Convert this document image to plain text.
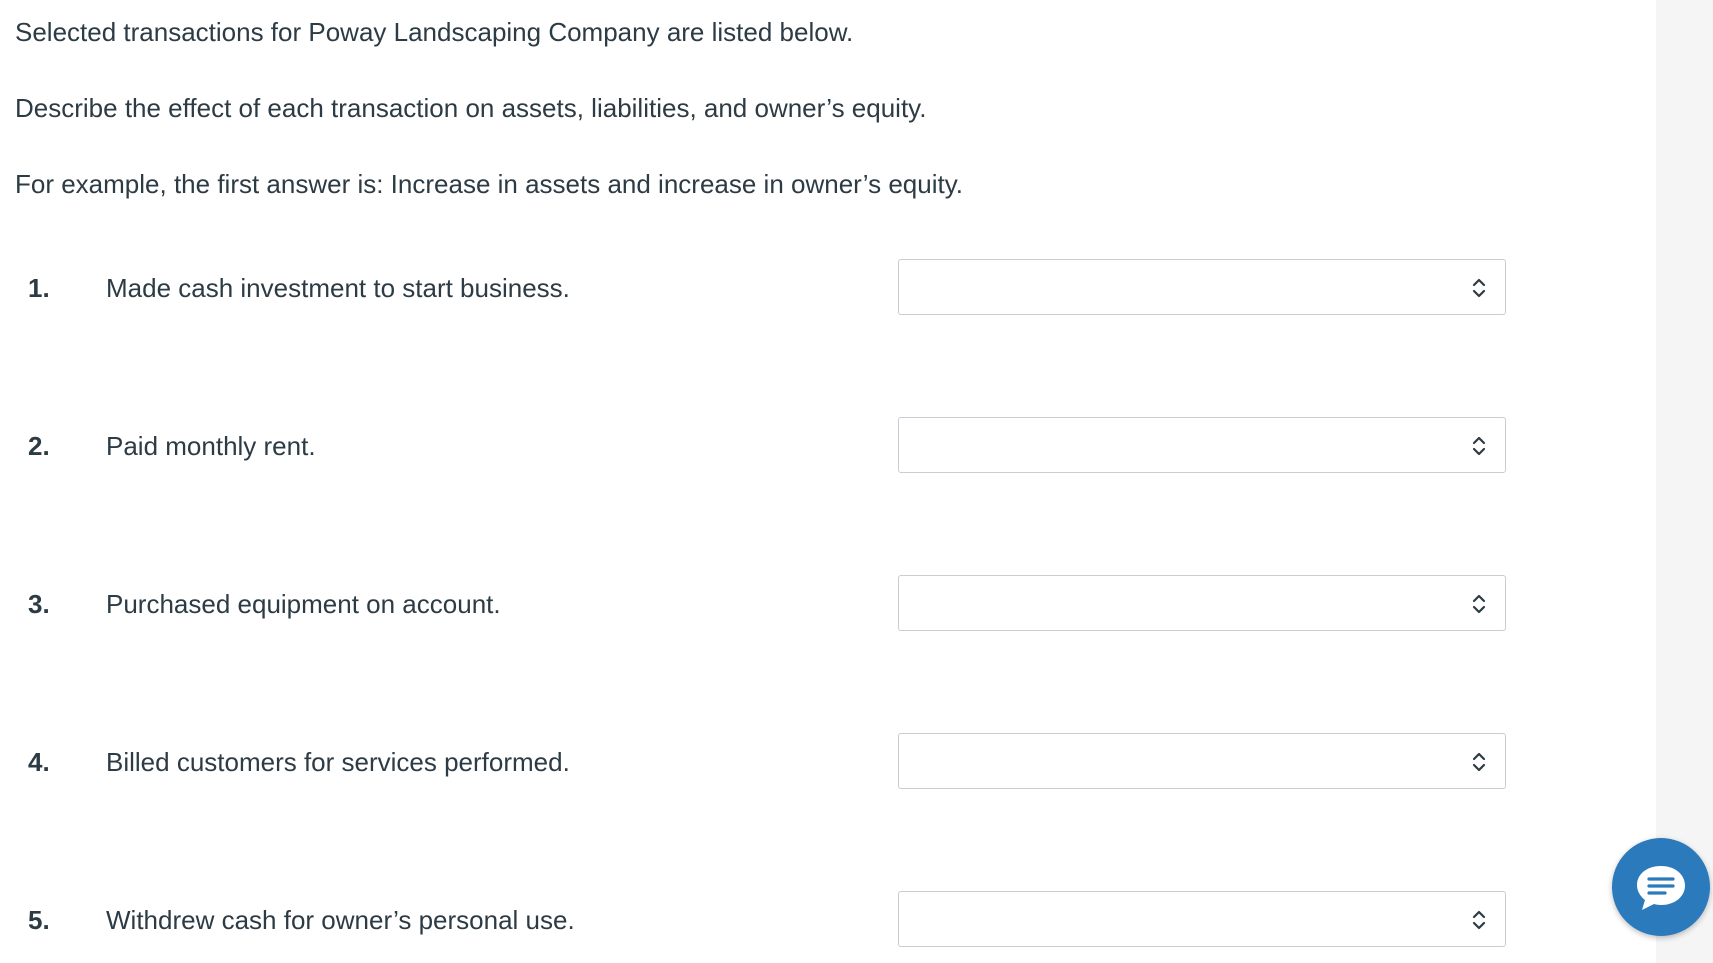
Selected transactions for Poway Landscaping Company are listed below.
Describe the effect of each transaction on assets, liabilities, and owner’s equity.
For example, the first answer is: Increase in assets and increase in owner’s equity.
1. Made cash investment to start business.
2. Paid monthly rent.
3. Purchased equipment on account.
4. Billed customers for services performed.
5. Withdrew cash for owner’s personal use.
